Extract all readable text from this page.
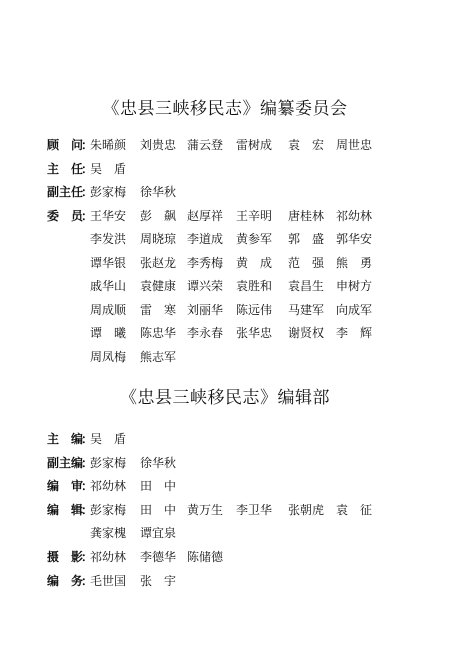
《忠县三峡移民志》编纂委员会
顾　问
：
朱晞颜 刘贵忠 蒲云登 雷树成 袁　宏 周世忠
主　任
：
吴　盾
副主任
：
彭家梅 徐华秋
委　员
：
王华安 彭　飙 赵厚祥 王辛明 唐桂林 祁幼林
李发洪 周晓琼 李道成 黄参军 郭　盛 郭华安
谭华银 张赵龙 李秀梅 黄　成 范　强 熊　勇
戚华山 袁健康 谭兴荣 袁胜和 袁昌生 申树方
周成顺 雷　寒 刘丽华 陈远伟 马建军 向成军
谭　曦 陈忠华 李永春 张华忠 谢贤权 李　辉
周凤梅 熊志军
《忠县三峡移民志》编辑部
主　编
：
吴　盾
副主编
：
彭家梅 徐华秋
编　审
：
祁幼林 田　中
编　辑
：
彭家梅 田　中 黄万生 李卫华 张朝虎 袁　征
龚家槐 谭宜泉
摄　影
：
祁幼林 李德华 陈储德
编　务
：
毛世国 张　宇
